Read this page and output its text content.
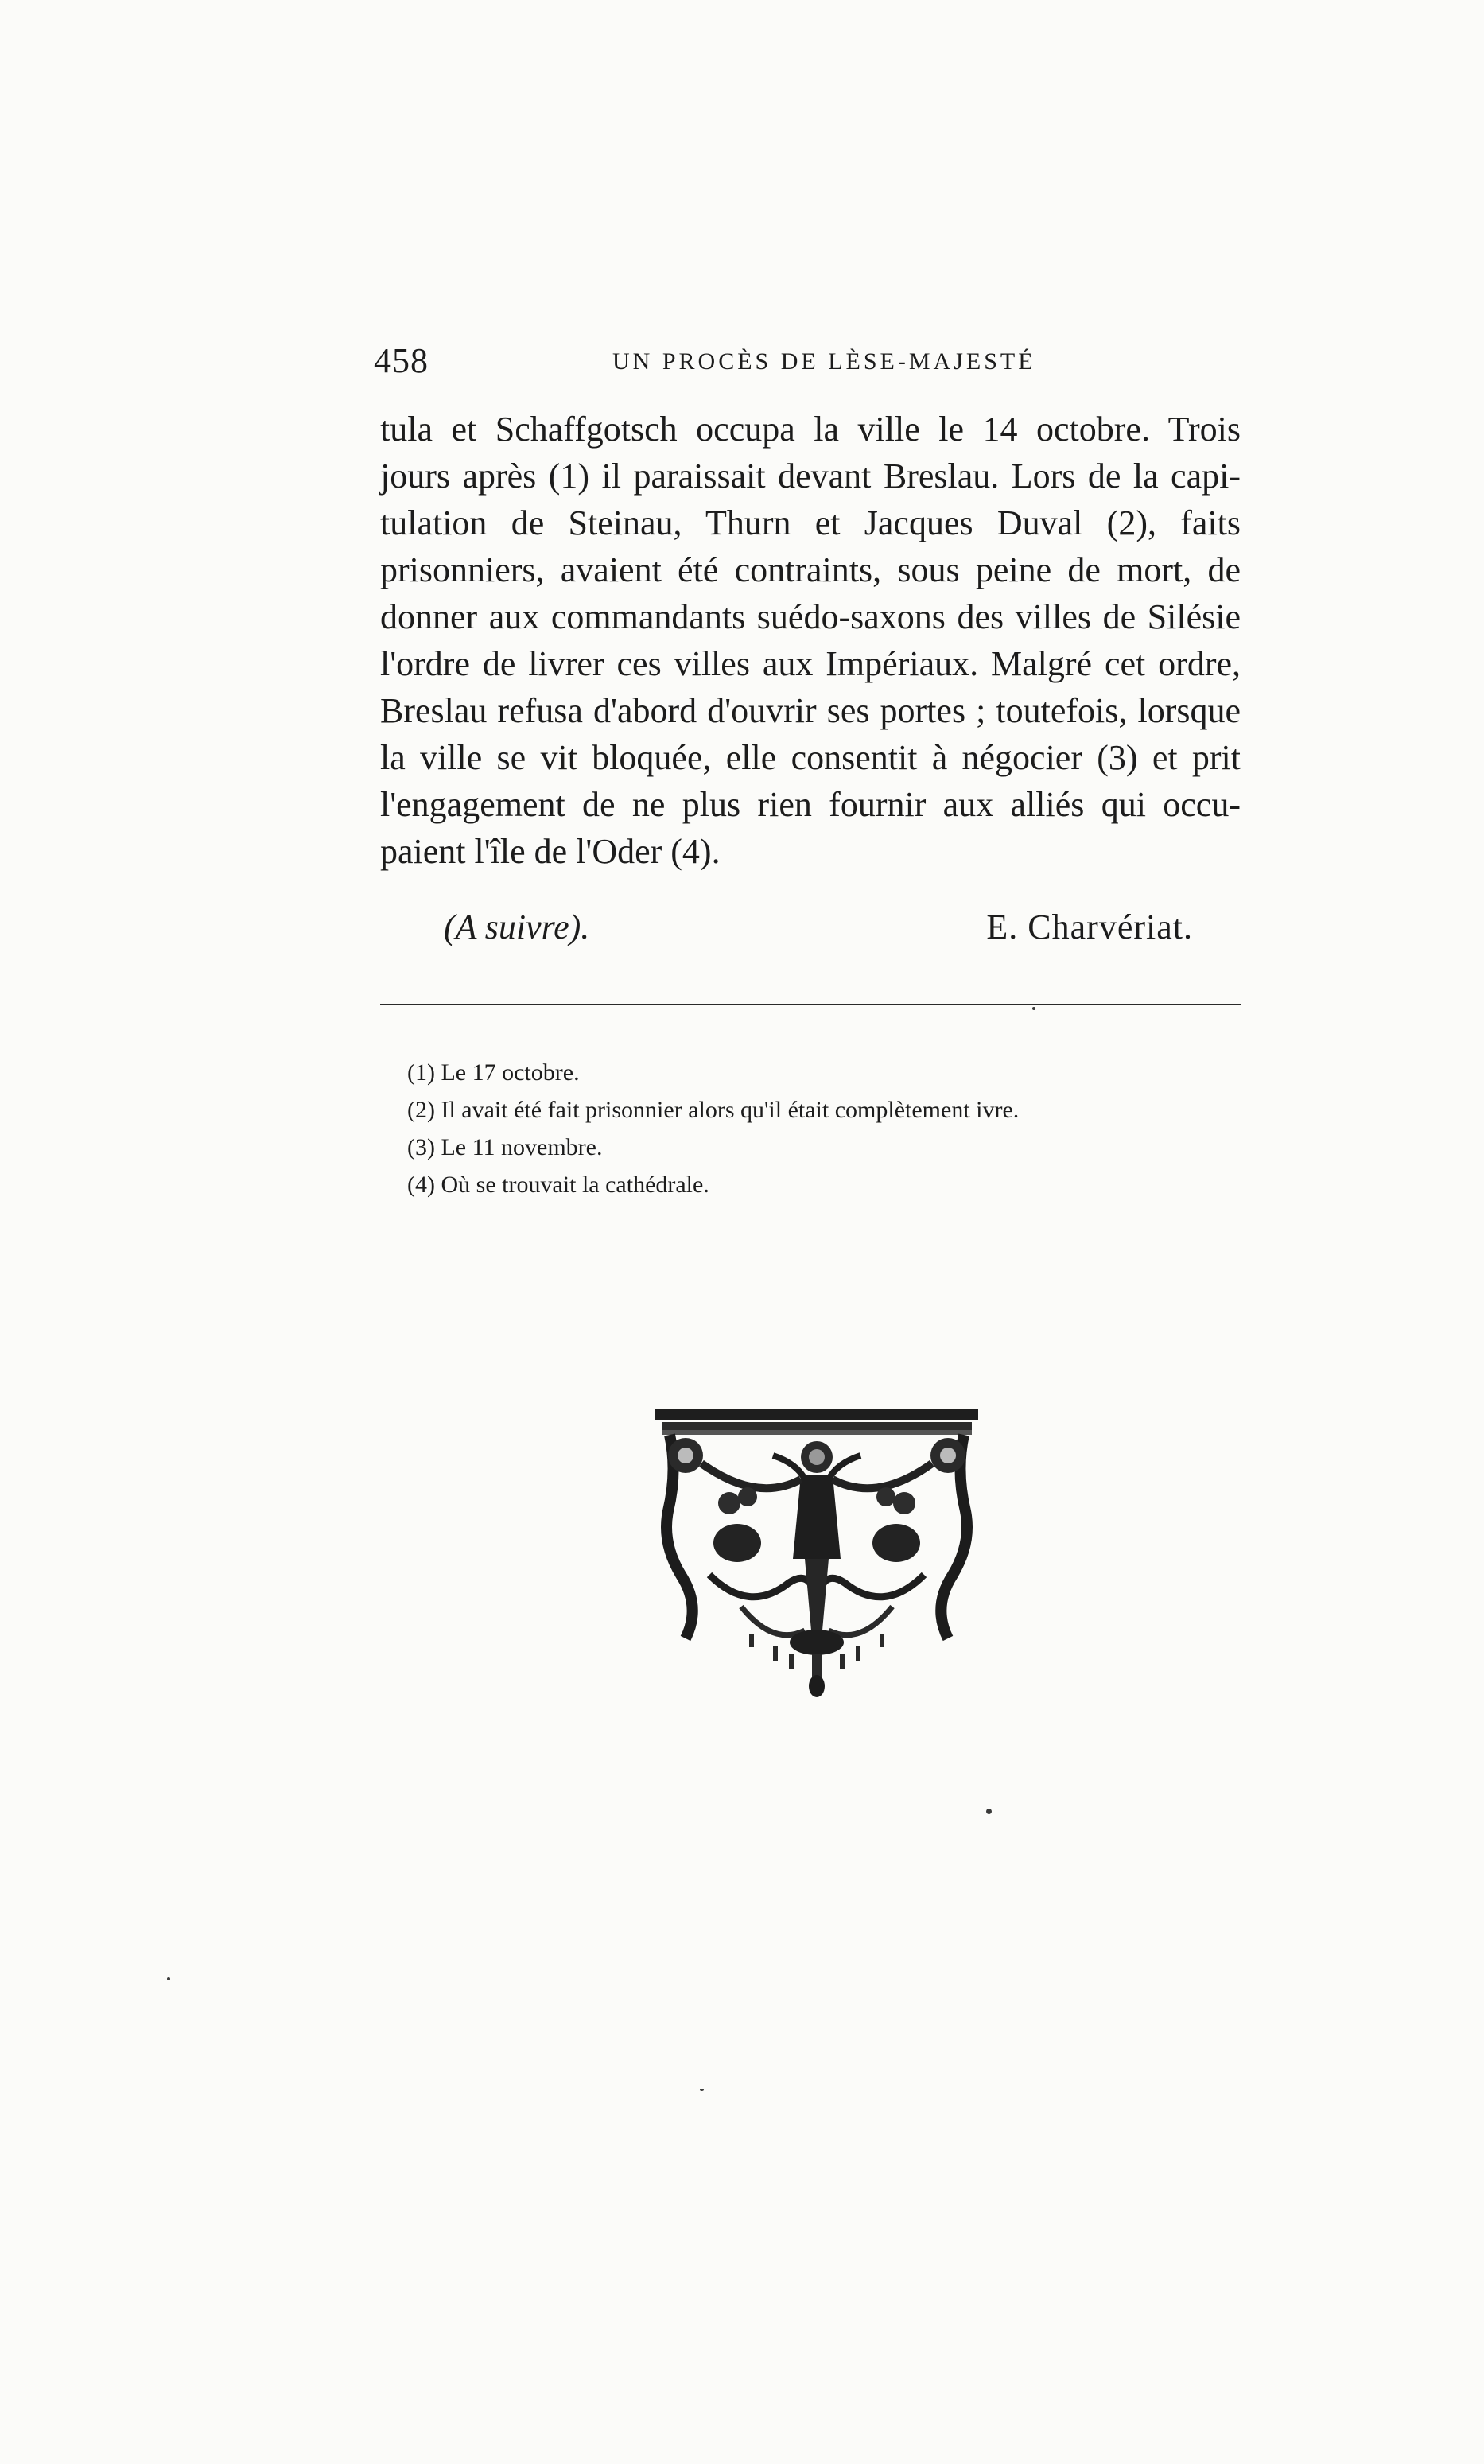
458	UN PROCÈS DE LÈSE-MAJESTÉ
tula et Schaffgotsch occupa la ville le 14 octobre. Trois
jours après (1) il paraissait devant Breslau. Lors de la capi-
tulation de Steinau, Thurn et Jacques Duval (2), faits
prisonniers, avaient été contraints, sous peine de mort, de
donner aux commandants suédo-saxons des villes de Silésie
l'ordre de livrer ces villes aux Impériaux. Malgré cet ordre,
Breslau refusa d'abord d'ouvrir ses portes ; toutefois, lorsque
la ville se vit bloquée, elle consentit à négocier (3) et prit
l'engagement de ne plus rien fournir aux alliés qui occu-
paient l'île de l'Oder (4).
(A suivre).	E. Charvériat.
(1) Le 17 octobre.
(2) Il avait été fait prisonnier alors qu'il était complètement ivre.
(3) Le 11 novembre.
(4) Où se trouvait la cathédrale.
